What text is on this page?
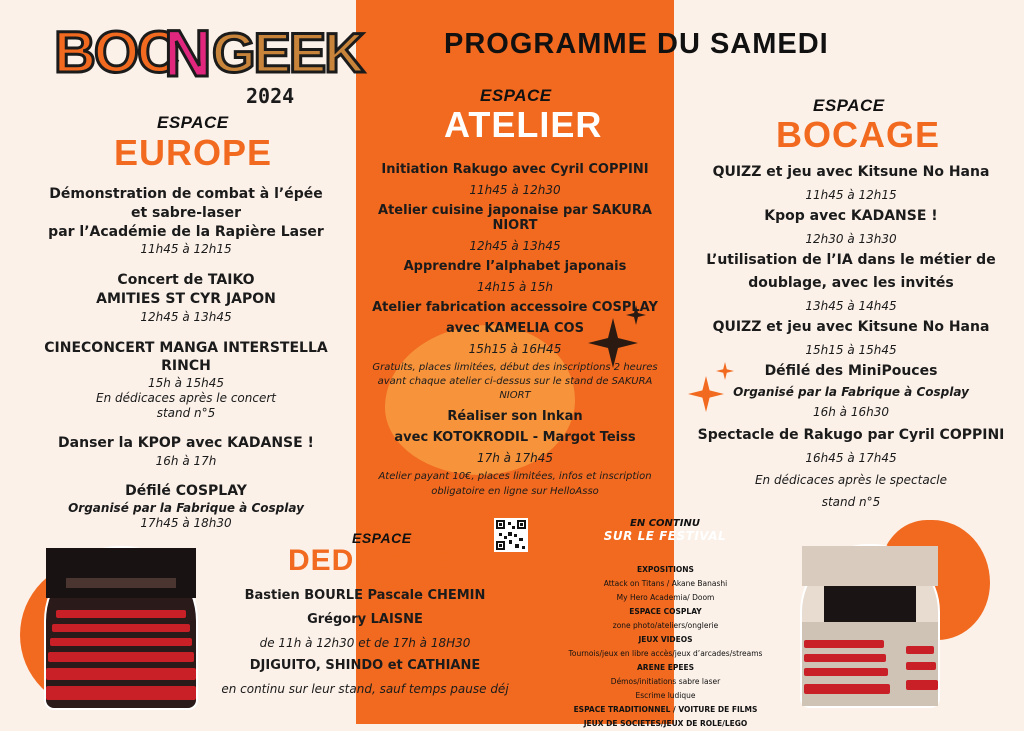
BOC
N GEEK
2024
PROGRAMME DU SAMEDI
ESPACE
EUROPE
Démonstration de combat à l’épée
et sabre-laser
par l’Académie de la Rapière Laser
11h45 à 12h15
Concert de TAIKO
AMITIES ST CYR JAPON
12h45 à 13h45
CINECONCERT MANGA INTERSTELLA
RINCH
15h à 15h45
En dédicaces après le concert
stand n°5
Danser la KPOP avec KADANSE !
16h à 17h
Défilé COSPLAY
Organisé par la Fabrique à Cosplay
17h45 à 18h30
ESPACE
ATELIER
Initiation Rakugo avec Cyril COPPINI
11h45 à 12h30
Atelier cuisine japonaise par SAKURA NIORT
12h45 à 13h45
Apprendre l’alphabet japonais
14h15 à 15h
Atelier fabrication accessoire COSPLAY
avec KAMELIA COS
15h15 à 16H45
Gratuits, places limitées, début des inscriptions 2 heures
avant chaque atelier ci-dessus sur le stand de SAKURA
NIORT
Réaliser son Inkan
avec KOTOKRODIL - Margot Teiss
17h à 17h45
Atelier payant 10€, places limitées, infos et inscription
obligatoire en ligne sur HelloAsso
EN CONTINU
SUR LE FESTIVAL
EXPOSITIONS
Attack on Titans / Akane Banashi
My Hero Academia/ Doom
ESPACE COSPLAY
zone photo/ateliers/onglerie
JEUX VIDEOS
Tournois/jeux en libre accès/jeux d’arcades/streams
ARENE EPEES
Démos/initiations sabre laser
Escrime ludique
ESPACE TRADITIONNEL / VOITURE DE FILMS
JEUX DE SOCIETES/JEUX DE ROLE/LEGO
ESPACE
BOCAGE
QUIZZ et jeu avec Kitsune No Hana
11h45 à 12h15
Kpop avec KADANSE !
12h30 à 13h30
L’utilisation de l’IA dans le métier de
doublage, avec les invités
13h45 à 14h45
QUIZZ et jeu avec Kitsune No Hana
15h15 à 15h45
Défilé des MiniPouces
Organisé par la Fabrique à Cosplay
16h à 16h30
Spectacle de Rakugo par Cyril COPPINI
16h45 à 17h45
En dédicaces après le spectacle
stand n°5
ESPACE
DEDICACES
Bastien BOURLE Pascale CHEMIN
Grégory LAISNE
de 11h à 12h30 et de 17h à 18H30
DJIGUITO, SHINDO et CATHIANE
en continu sur leur stand, sauf temps pause déj
